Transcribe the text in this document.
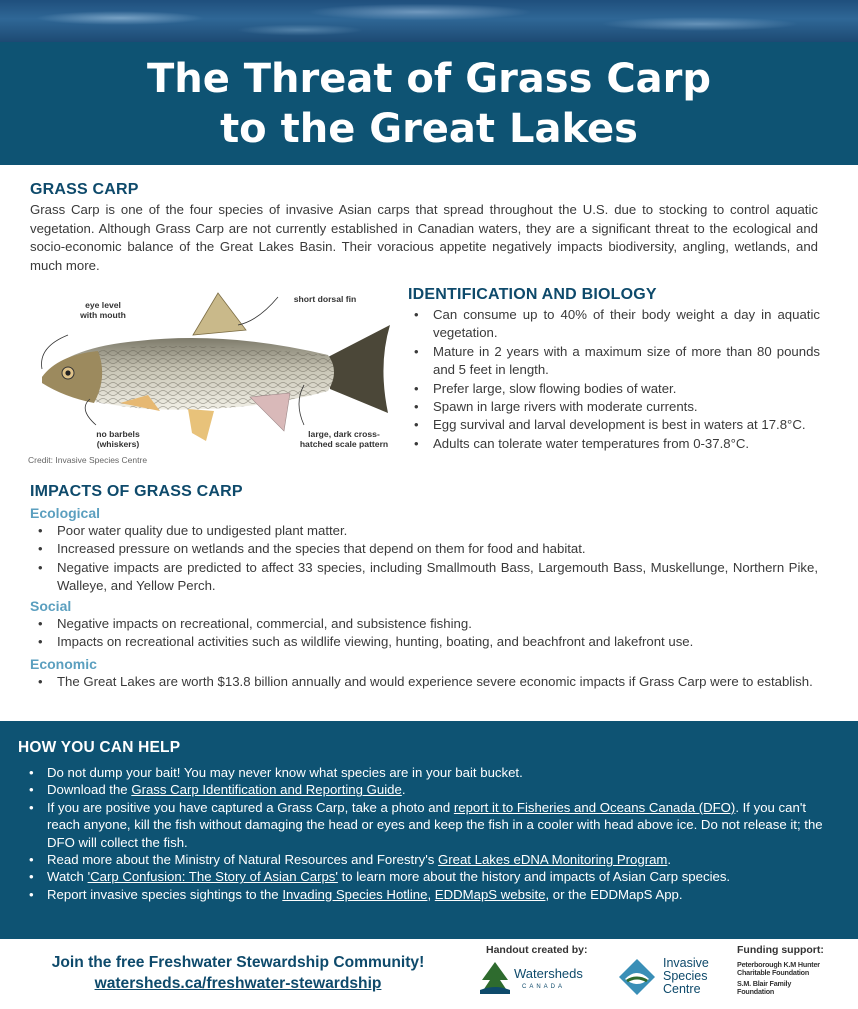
The Threat of Grass Carp
to the Great Lakes
GRASS CARP
Grass Carp is one of the four species of invasive Asian carps that spread throughout the U.S. due to stocking to control aquatic vegetation. Although Grass Carp are not currently established in Canadian waters, they are a significant threat to the ecological and socio-economic balance of the Great Lakes Basin. Their voracious appetite negatively impacts biodiversity, angling, wetlands, and much more.
eye level
with mouth
short dorsal fin
no barbels
(whiskers)
large, dark cross-
hatched scale pattern
Credit: Invasive Species Centre
IDENTIFICATION AND BIOLOGY
• Can consume up to 40% of their body weight a day in aquatic vegetation.
• Mature in 2 years with a maximum size of more than 80 pounds and 5 feet in length.
• Prefer large, slow flowing bodies of water.
• Spawn in large rivers with moderate currents.
• Egg survival and larval development is best in waters at 17.8°C.
• Adults can tolerate water temperatures from 0-37.8°C.
IMPACTS OF GRASS CARP
Ecological
• Poor water quality due to undigested plant matter.
• Increased pressure on wetlands and the species that depend on them for food and habitat.
• Negative impacts are predicted to affect 33 species, including Smallmouth Bass, Largemouth Bass, Muskellunge, Northern Pike, Walleye, and Yellow Perch.
Social
• Negative impacts on recreational, commercial, and subsistence fishing.
• Impacts on recreational activities such as wildlife viewing, hunting, boating, and beachfront and lakefront use.
Economic
• The Great Lakes are worth $13.8 billion annually and would experience severe economic impacts if Grass Carp were to establish.
HOW YOU CAN HELP
• Do not dump your bait! You may never know what species are in your bait bucket.
• Download the Grass Carp Identification and Reporting Guide.
• If you are positive you have captured a Grass Carp, take a photo and report it to Fisheries and Oceans Canada (DFO). If you can't reach anyone, kill the fish without damaging the head or eyes and keep the fish in a cooler with head above ice. Do not release it; the DFO will collect the fish.
• Read more about the Ministry of Natural Resources and Forestry's Great Lakes eDNA Monitoring Program.
• Watch 'Carp Confusion: The Story of Asian Carps' to learn more about the history and impacts of Asian Carp species.
• Report invasive species sightings to the Invading Species Hotline, EDDMapS website, or the EDDMapS App.
Join the free Freshwater Stewardship Community!
watersheds.ca/freshwater-stewardship
Handout created by:
Watersheds
CANADA
Invasive
Species
Centre
Funding support:
Peterborough K.M Hunter
Charitable Foundation
S.M. Blair Family
Foundation
